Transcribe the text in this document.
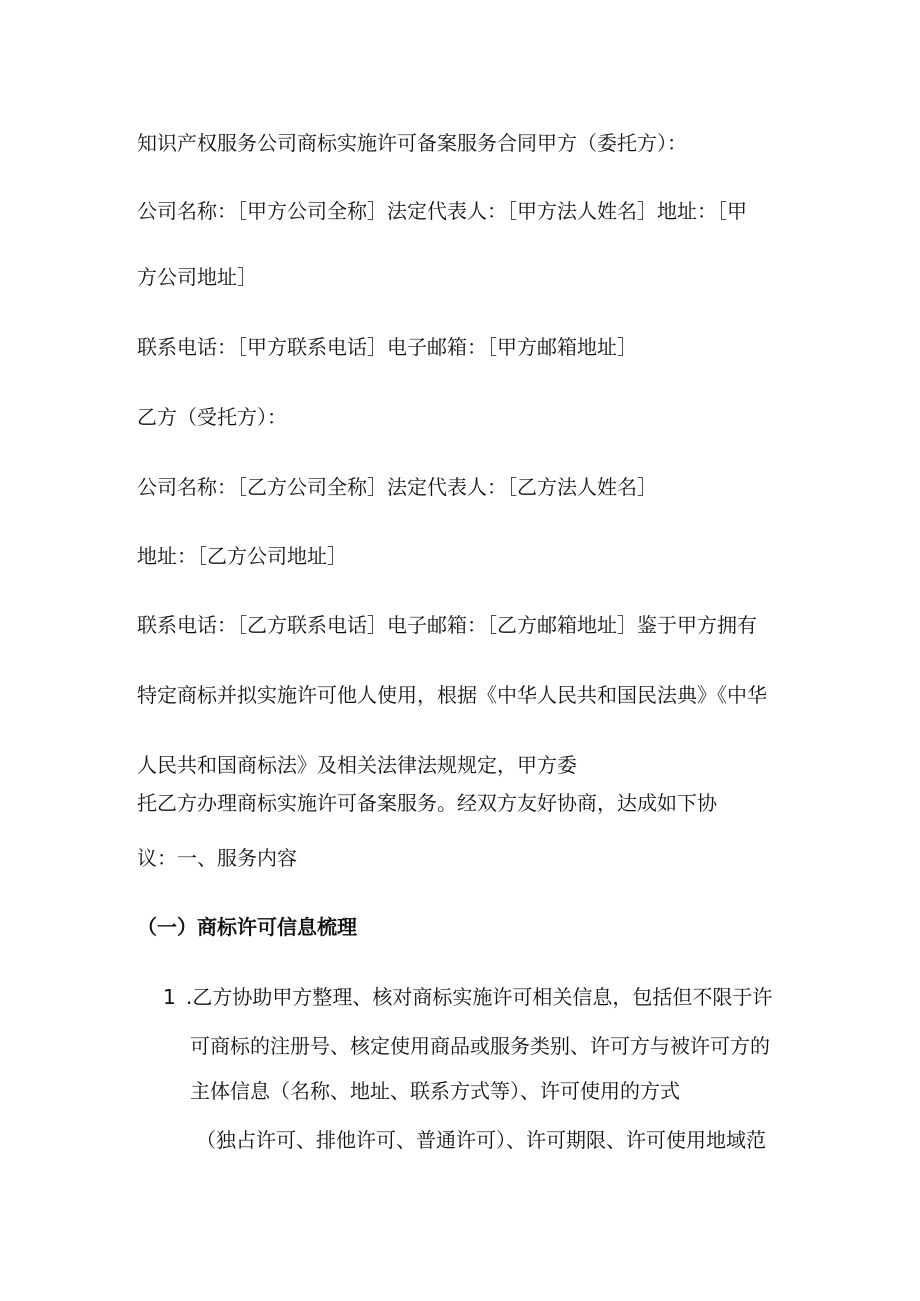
知识产权服务公司商标实施许可备案服务合同甲方（委托方）：
公司名称：［甲方公司全称］法定代表人：［甲方法人姓名］地址：［甲
方公司地址］
联系电话：［甲方联系电话］电子邮箱：［甲方邮箱地址］
乙方（受托方）：
公司名称：［乙方公司全称］法定代表人：［乙方法人姓名］
地址：［乙方公司地址］
联系电话：［乙方联系电话］电子邮箱：［乙方邮箱地址］鉴于甲方拥有
特定商标并拟实施许可他人使用，根据《中华人民共和国民法典》《中华
人民共和国商标法》及相关法律法规规定，甲方委
托乙方办理商标实施许可备案服务。经双方友好协商，达成如下协
议：一、服务内容
（一）商标许可信息梳理
1 .乙方协助甲方整理、核对商标实施许可相关信息，包括但不限于许
可商标的注册号、核定使用商品或服务类别、许可方与被许可方的
主体信息（名称、地址、联系方式等）、许可使用的方式
（独占许可、排他许可、普通许可）、许可期限、许可使用地域范
